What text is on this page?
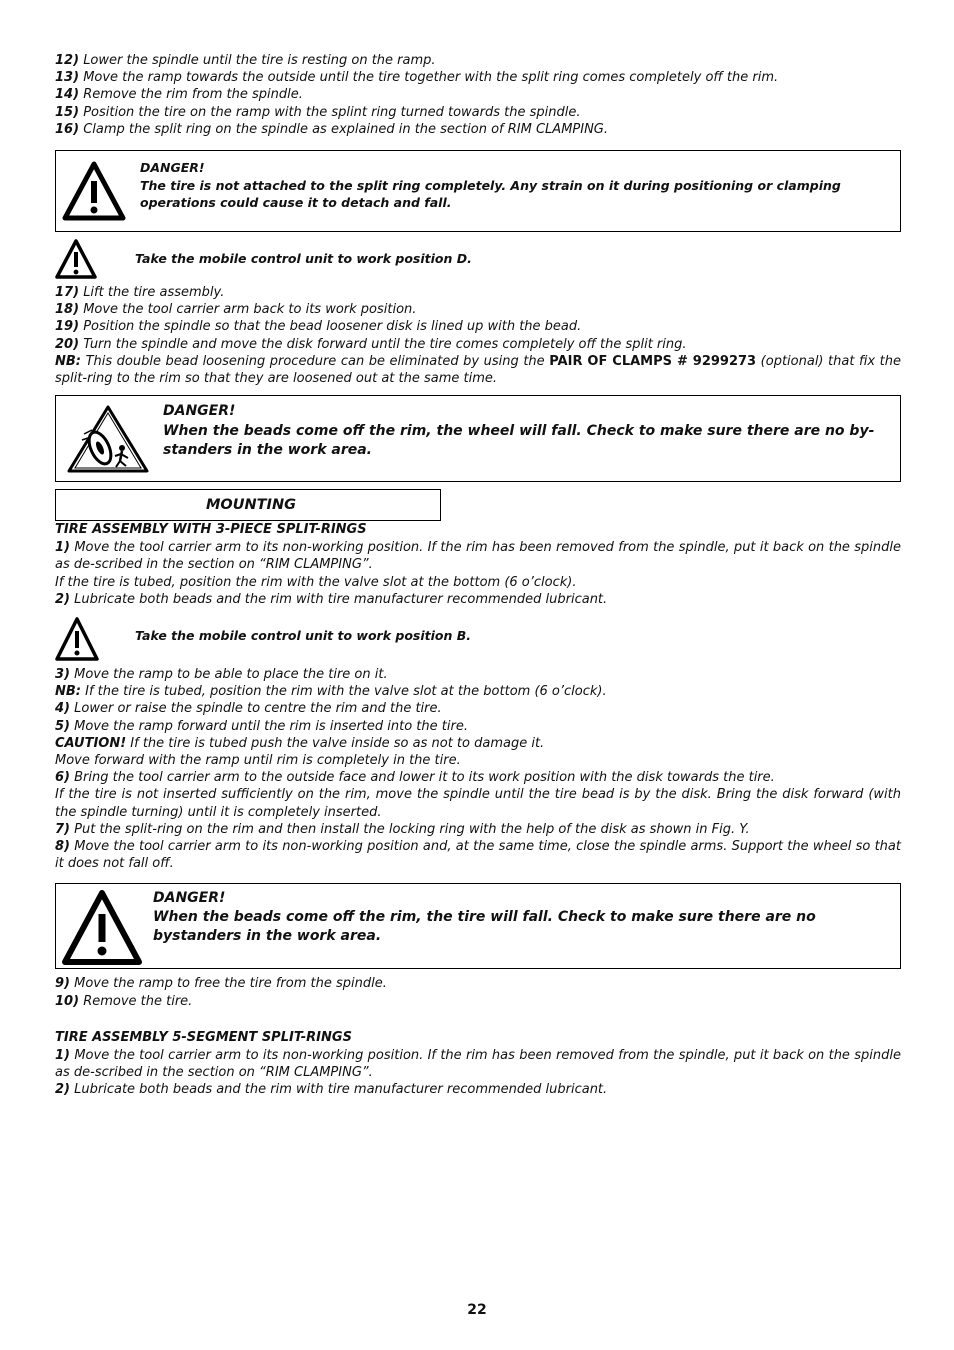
12) Lower the spindle until the tire is resting on the ramp.
13) Move the ramp towards the outside until the tire together with the split ring comes completely off the rim.
14) Remove the rim from the spindle.
15) Position the tire on the ramp with the splint ring turned towards the spindle.
16) Clamp the split ring on the spindle as explained in the section of RIM CLAMPING.
DANGER!
The tire is not attached to the split ring completely. Any strain on it during positioning or clamping operations could cause it to detach and fall.
Take the mobile control unit to work position D.
17) Lift the tire assembly.
18) Move the tool carrier arm back to its work position.
19) Position the spindle so that the bead loosener disk is lined up with the bead.
20) Turn the spindle and move the disk forward until the tire comes completely off the split ring.
NB: This double bead loosening procedure can be eliminated by using the PAIR OF CLAMPS # 9299273 (optional) that fix the split-ring to the rim so that they are loosened out at the same time.
DANGER!
When the beads come off the rim, the wheel will fall. Check to make sure there are no by-standers in the work area.
MOUNTING
TIRE ASSEMBLY WITH 3-PIECE SPLIT-RINGS
1) Move the tool carrier arm to its non-working position. If the rim has been removed from the spindle, put it back on the spindle as de-scribed in the section on “RIM CLAMPING”.
If the tire is tubed, position the rim with the valve slot at the bottom (6 o’clock).
2) Lubricate both beads and the rim with tire manufacturer recommended lubricant.
Take the mobile control unit to work position B.
3) Move the ramp to be able to place the tire on it.
NB: If the tire is tubed, position the rim with the valve slot at the bottom (6 o’clock).
4) Lower or raise the spindle to centre the rim and the tire.
5) Move the ramp forward until the rim is inserted into the tire.
CAUTION! If the tire is tubed push the valve inside so as not to damage it.
Move forward with the ramp until rim is completely in the tire.
6) Bring the tool carrier arm to the outside face and lower it to its work position with the disk towards the tire.
If the tire is not inserted sufficiently on the rim, move the spindle until the tire bead is by the disk. Bring the disk forward (with the spindle turning) until it is completely inserted.
7) Put the split-ring on the rim and then install the locking ring with the help of the disk as shown in Fig. Y.
8) Move the tool carrier arm to its non-working position and, at the same time, close the spindle arms. Support the wheel so that it does not fall off.
DANGER!
When the beads come off the rim, the tire will fall. Check to make sure there are no bystanders in the work area.
9) Move the ramp to free the tire from the spindle.
10) Remove the tire.
TIRE ASSEMBLY 5-SEGMENT SPLIT-RINGS
1) Move the tool carrier arm to its non-working position. If the rim has been removed from the spindle, put it back on the spindle as de-scribed in the section on “RIM CLAMPING”.
2) Lubricate both beads and the rim with tire manufacturer recommended lubricant.
22
